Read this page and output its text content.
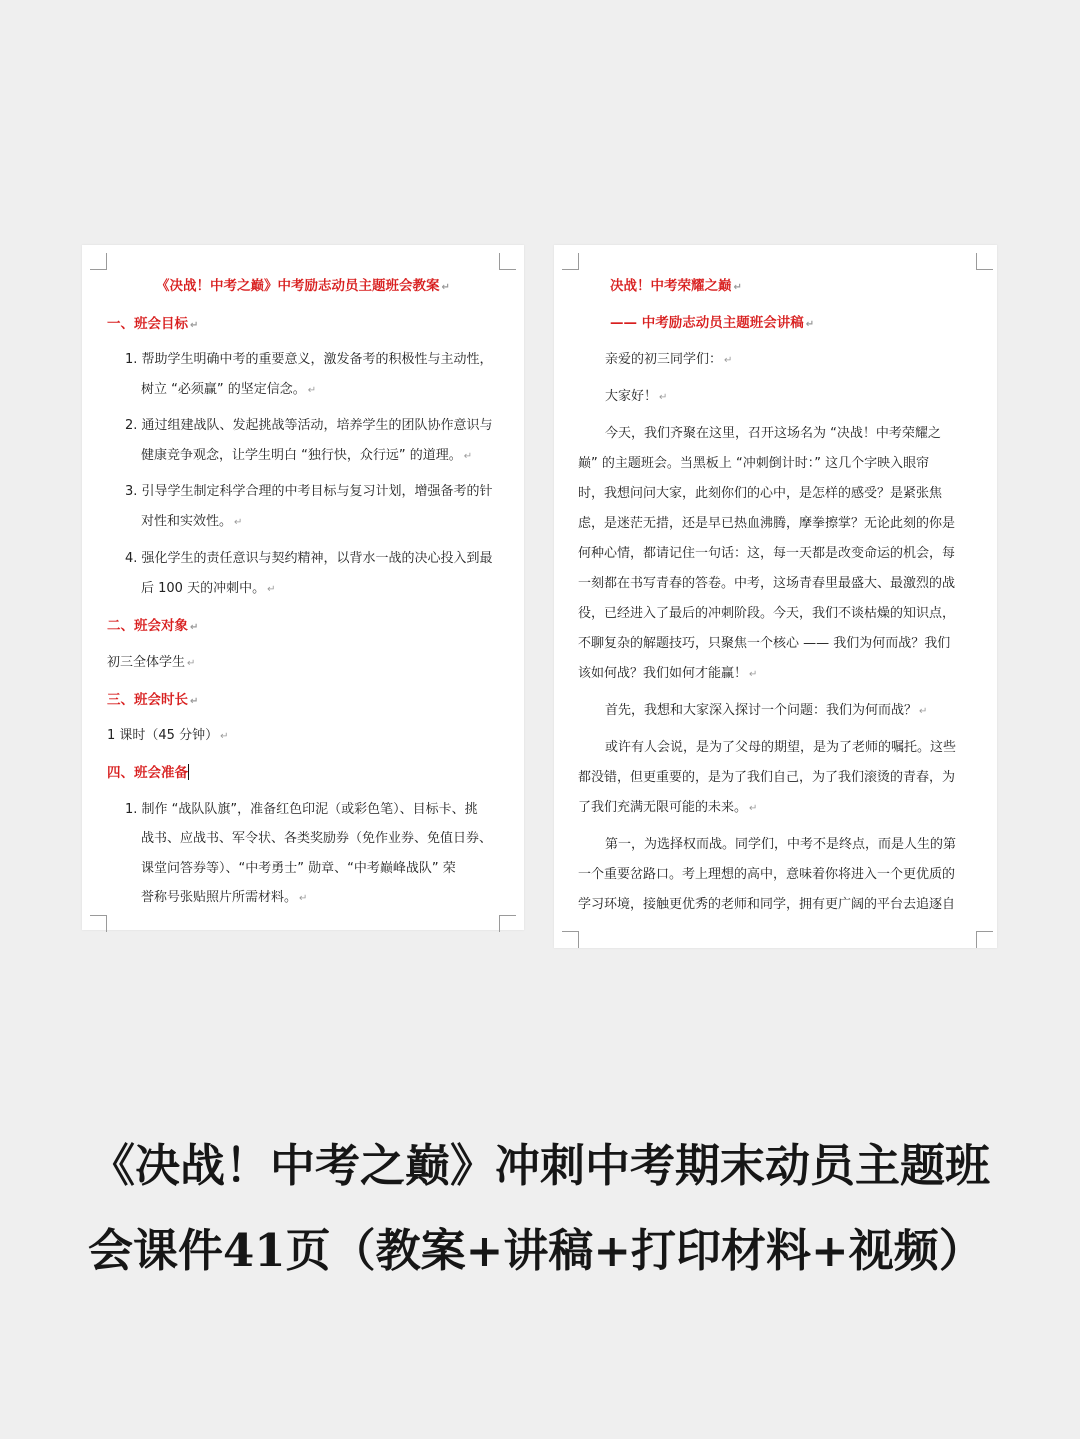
《决战！中考之巅》中考励志动员主题班会教案 ↵
一、班会目标 ↵
1. 帮助学生明确中考的重要意义，激发备考的积极性与主动性，
树立 “必须赢” 的坚定信念。 ↵
2. 通过组建战队、发起挑战等活动，培养学生的团队协作意识与
健康竞争观念，让学生明白 “独行快，众行远” 的道理。 ↵
3. 引导学生制定科学合理的中考目标与复习计划，增强备考的针
对性和实效性。 ↵
4. 强化学生的责任意识与契约精神，以背水一战的决心投入到最
后 100 天的冲刺中。 ↵
二、班会对象 ↵
初三全体学生 ↵
三、班会时长 ↵
1 课时（45 分钟） ↵
四、班会准备
1. 制作 “战队队旗”，准备红色印泥（或彩色笔）、目标卡、挑
战书、应战书、军令状、各类奖励券（免作业券、免值日券、
课堂问答券等）、“中考勇士” 勋章、“中考巅峰战队” 荣
誉称号张贴照片所需材料。 ↵
决战！中考荣耀之巅 ↵
—— 中考励志动员主题班会讲稿 ↵
亲爱的初三同学们： ↵
大家好！ ↵
今天，我们齐聚在这里，召开这场名为 “决战！中考荣耀之
巅” 的主题班会。当黑板上 “冲刺倒计时：” 这几个字映入眼帘
时，我想问问大家，此刻你们的心中，是怎样的感受？是紧张焦
虑，是迷茫无措，还是早已热血沸腾，摩拳擦掌？无论此刻的你是
何种心情，都请记住一句话：这，每一天都是改变命运的机会，每
一刻都在书写青春的答卷。中考，这场青春里最盛大、最激烈的战
役，已经进入了最后的冲刺阶段。今天，我们不谈枯燥的知识点，
不聊复杂的解题技巧，只聚焦一个核心 —— 我们为何而战？我们
该如何战？我们如何才能赢！ ↵
首先，我想和大家深入探讨一个问题：我们为何而战？ ↵
或许有人会说，是为了父母的期望，是为了老师的嘱托。这些
都没错，但更重要的，是为了我们自己，为了我们滚烫的青春，为
了我们充满无限可能的未来。 ↵
第一，为选择权而战。同学们，中考不是终点，而是人生的第
一个重要岔路口。考上理想的高中，意味着你将进入一个更优质的
学习环境，接触更优秀的老师和同学，拥有更广阔的平台去追逐自
《决战！中考之巅》冲刺中考期末动员主题班
会课件41页（教案+讲稿+打印材料+视频）
